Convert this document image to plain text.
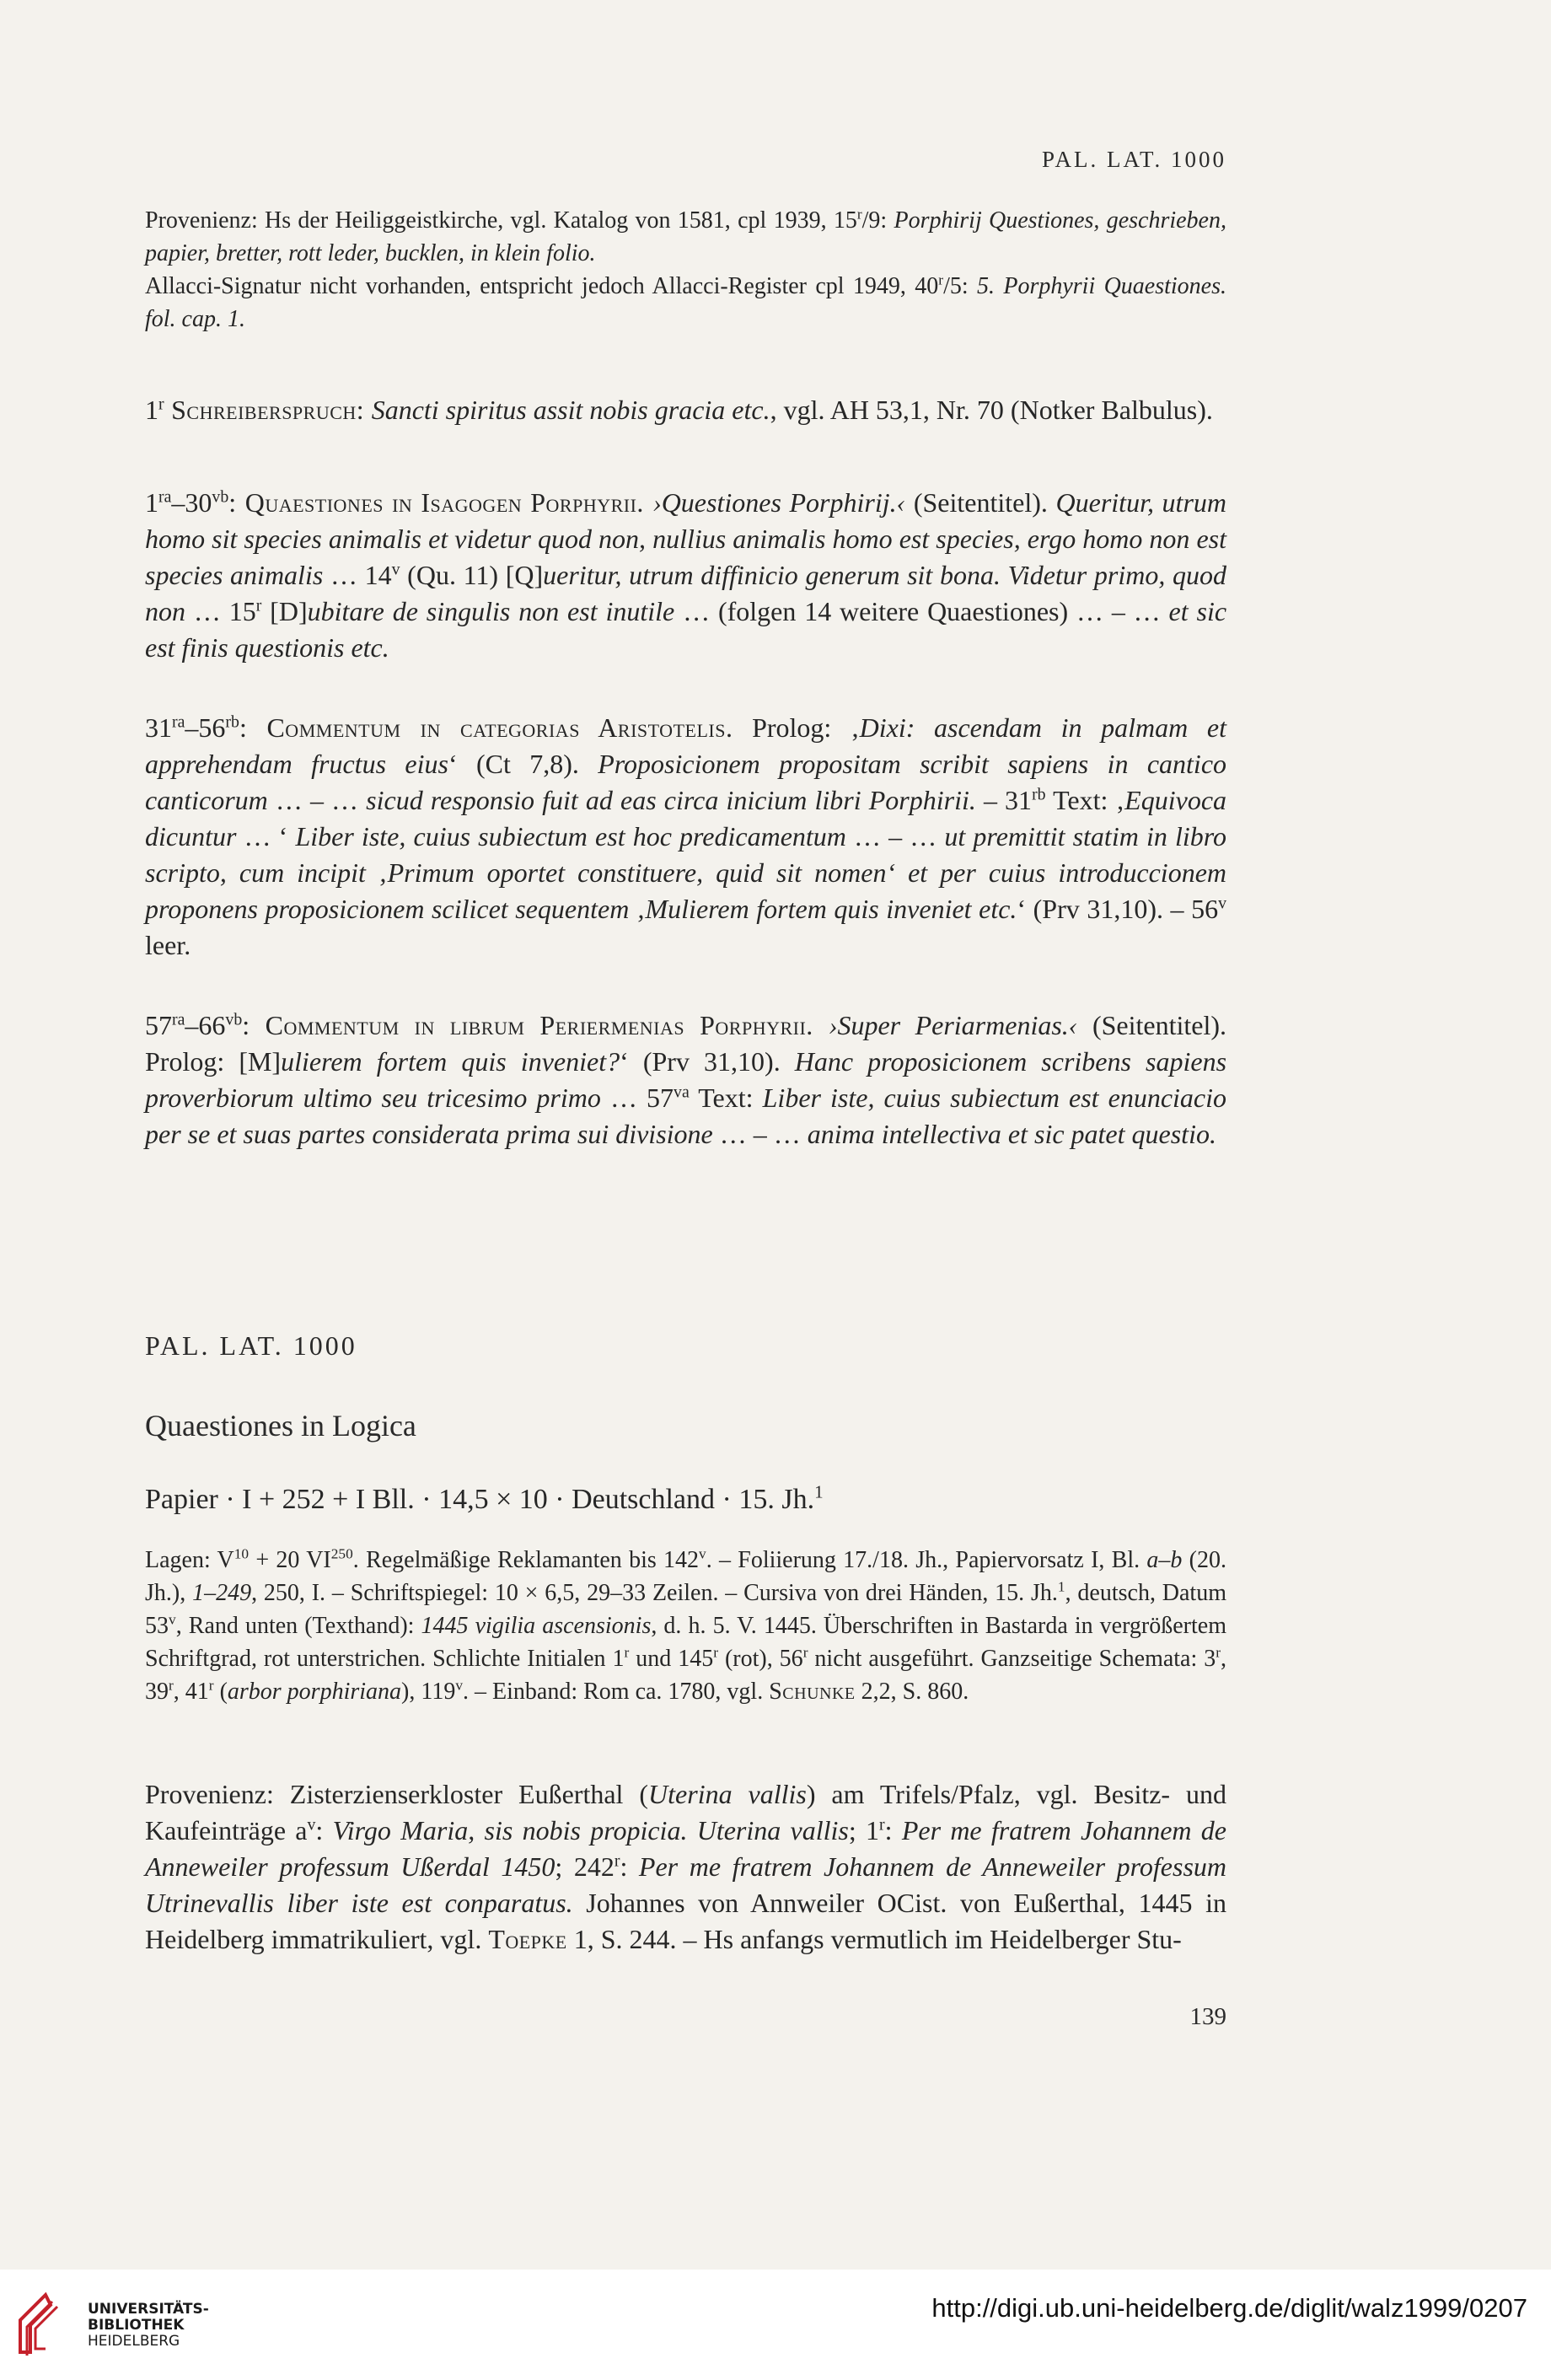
PAL. LAT. 1000

Provenienz: Hs der Heiliggeistkirche, vgl. Katalog von 1581, cpl 1939, 15$^r$/9: Porphirij Questiones, geschrieben, papier, bretter, rott leder, bucklen, in klein folio.

Allacci-Signatur nicht vorhanden, entspricht jedoch Allacci-Register cpl 1949, 40$^r$/5: 5. Porphyrii Quaestiones. fol. cap. 1.

1$^r$ Schreiberspruch: Sancti spiritus assit nobis gracia etc., vgl. AH 53,1, Nr. 70 (Notker Balbulus).

$1^{ra}-30^{vb}$: Quaestiones in Isagogen Porphyrii. ›Questiones Porphirij.‹ (Seitentitel). Queritur, utrum homo sit species animalis et videtur quod non, nullius animalis homo est species, ergo homo non est species animalis … 14$^v$ (Qu. 11) [Q]ueritur, utrum diffinicio generum sit bona. Videtur primo, quod non … 15$^r$ [D]ubitare de singulis non est inutile … (folgen 14 weitere Quaestiones) … – … et sic est finis questionis etc.

$31^{ra}-56^{rb}$: Commentum in categorias Aristotelis. Prolog: ‚Dixi: ascendam in palmam et apprehendam fructus eius‘ (Ct 7,8). Proposicionem propositam scribit sapiens in cantico canticorum … – … sicud responsio fuit ad eas circa inicium libri Porphirii. – $31^{rb}$ Text: ‚Equivoca dicuntur … ‘ Liber iste, cuius subiectum est hoc predicamentum … – … ut premittit statim in libro scripto, cum incipit ‚Primum oportet constituere, quid sit nomen‘ et per cuius introduccionem proponens proposicionem scilicet sequentem ‚Mulierem fortem quis inveniet etc.‘ (Prv 31,10). – 56$^v$ leer.

$57^{ra}-66^{vb}$: Commentum in librum Periermenias Porphyrii. ›Super Periarmenias.‹ (Seitentitel). Prolog: [M]ulierem fortem quis inveniet?‘ (Prv 31,10). Hanc proposicionem scribens sapiens proverbiorum ultimo seu tricesimo primo … $57^{va}$ Text: Liber iste, cuius subiectum est enunciacio per se et suas partes considerata prima sui divisione … – … anima intellectiva et sic patet questio.

PAL. LAT. 1000
Quaestiones in Logica
Papier · I + 252 + I Bll. · 14,5 × 10 · Deutschland · 15. Jh.$^1$

Lagen: $V^{10} + 20$ VI$^{250}$. Regelmäßige Reklamanten bis 142$^v$. – Foliierung 17./18. Jh., Papiervorsatz I, Bl. a–b (20. Jh.), 1–249, 250, I. – Schriftspiegel: 10 × 6,5, 29–33 Zeilen. – Cursiva von drei Händen, 15. Jh.$^1$, deutsch, Datum 53$^v$, Rand unten (Texthand): 1445 vigilia ascensionis, d. h. 5. V. 1445. Überschriften in Bastarda in vergrößertem Schriftgrad, rot unterstrichen. Schlichte Initialen 1$^r$ und 145$^r$ (rot), 56$^r$ nicht ausgeführt. Ganzseitige Schemata: 3$^r$, 39$^r$, 41$^r$ (arbor porphiriana), 119$^v$. – Einband: Rom ca. 1780, vgl. Schunke 2,2, S. 860.

Provenienz: Zisterzienserkloster Eußerthal (Uterina vallis) am Trifels/Pfalz, vgl. Besitz- und Kaufeinträge $a^v$: Virgo Maria, sis nobis propicia. Uterina vallis; 1$^r$: Per me fratrem Johannem de Anneweiler professum Ußerdal 1450; 242$^r$: Per me fratrem Johannem de Anneweiler professum Utrinevallis liber iste est conparatus. Johannes von Annweiler OCist. von Eußerthal, 1445 in Heidelberg immatrikuliert, vgl. Toepke 1, S. 244. – Hs anfangs vermutlich im Heidelberger Stu-

139
UNIVERSITÄTS-
BIBLIOTHEK
HEIDELBERG
http://digi.ub.uni-heidelberg.de/diglit/walz1999/0207
